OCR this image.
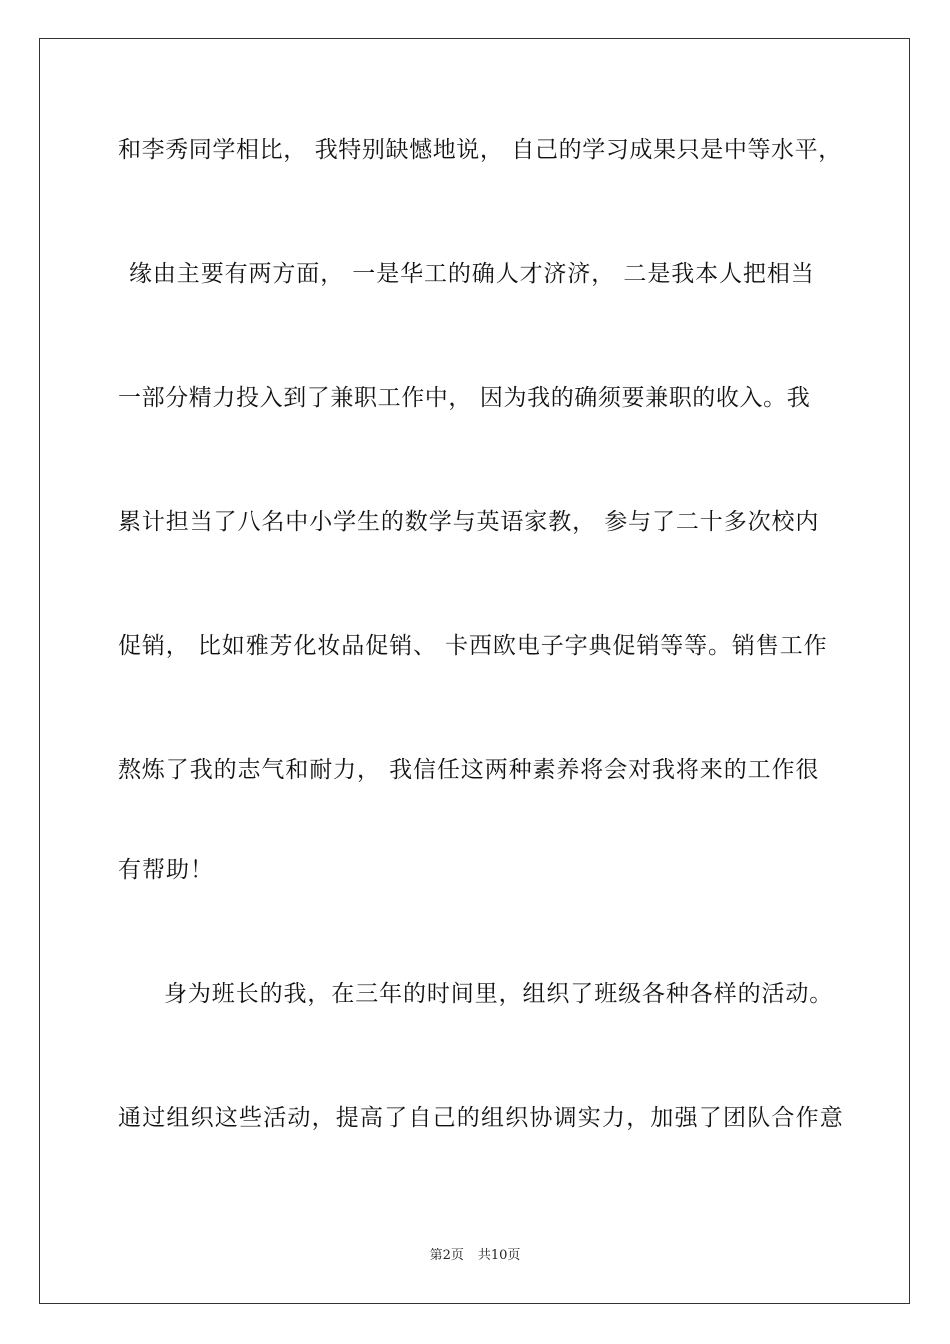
和李秀同学相比， 我特别缺憾地说， 自己的学习成果只是中等水平，
缘由主要有两方面， 一是华工的确人才济济， 二是我本人把相当
一部分精力投入到了兼职工作中， 因为我的确须要兼职的收入。我
累计担当了八名中小学生的数学与英语家教， 参与了二十多次校内
促销， 比如雅芳化妆品促销、 卡西欧电子字典促销等等。销售工作
熬炼了我的志气和耐力， 我信任这两种素养将会对我将来的工作很
有帮助！
身为班长的我，在三年的时间里，组织了班级各种各样的活动。
通过组织这些活动，提高了自己的组织协调实力，加强了团队合作意
第2页 共10页
